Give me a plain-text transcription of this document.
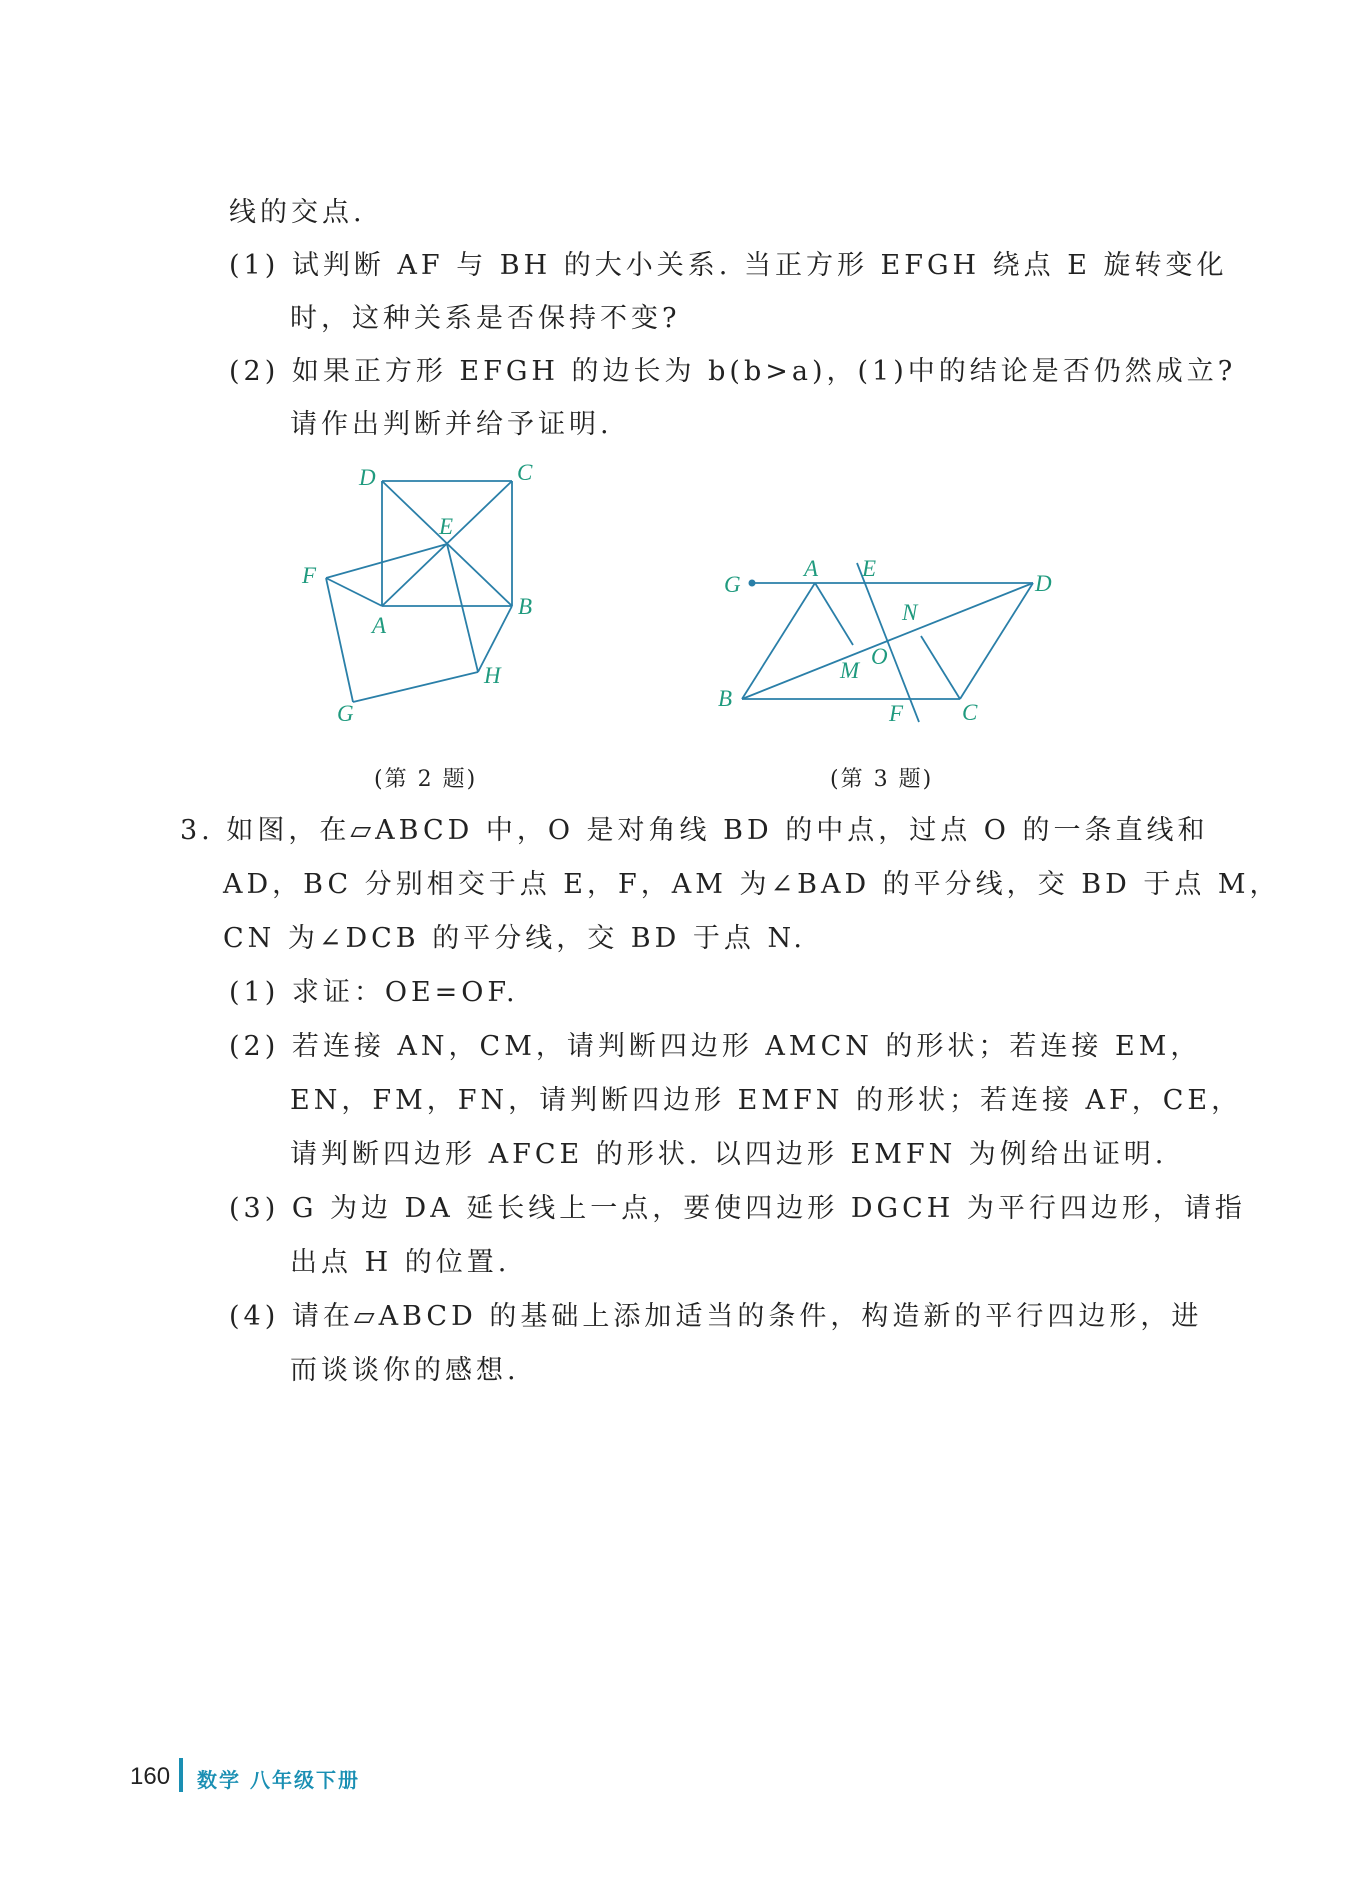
线的交点.
(1) 试判断 AF 与 BH 的大小关系. 当正方形 EFGH 绕点 E 旋转变化
时，这种关系是否保持不变?
(2) 如果正方形 EFGH 的边长为 b(b>a)，(1)中的结论是否仍然成立?
请作出判断并给予证明.
D	C
E
F
A
B
H
G
G
A E
D
N
M
O
B
F	C
(第 2 题)	(第 3 题)
3. 如图，在▱ABCD 中，O 是对角线 BD 的中点，过点 O 的一条直线和
AD，BC 分别相交于点 E，F，AM 为∠BAD 的平分线，交 BD 于点 M，
CN 为∠DCB 的平分线，交 BD 于点 N.
(1) 求证：OE=OF.
(2) 若连接 AN，CM，请判断四边形 AMCN 的形状；若连接 EM，
EN，FM，FN，请判断四边形 EMFN 的形状；若连接 AF，CE，
请判断四边形 AFCE 的形状. 以四边形 EMFN 为例给出证明.
(3) G 为边 DA 延长线上一点，要使四边形 DGCH 为平行四边形，请指
出点 H 的位置.
(4) 请在▱ABCD 的基础上添加适当的条件，构造新的平行四边形，进
而谈谈你的感想.
160 数学 八年级下册
